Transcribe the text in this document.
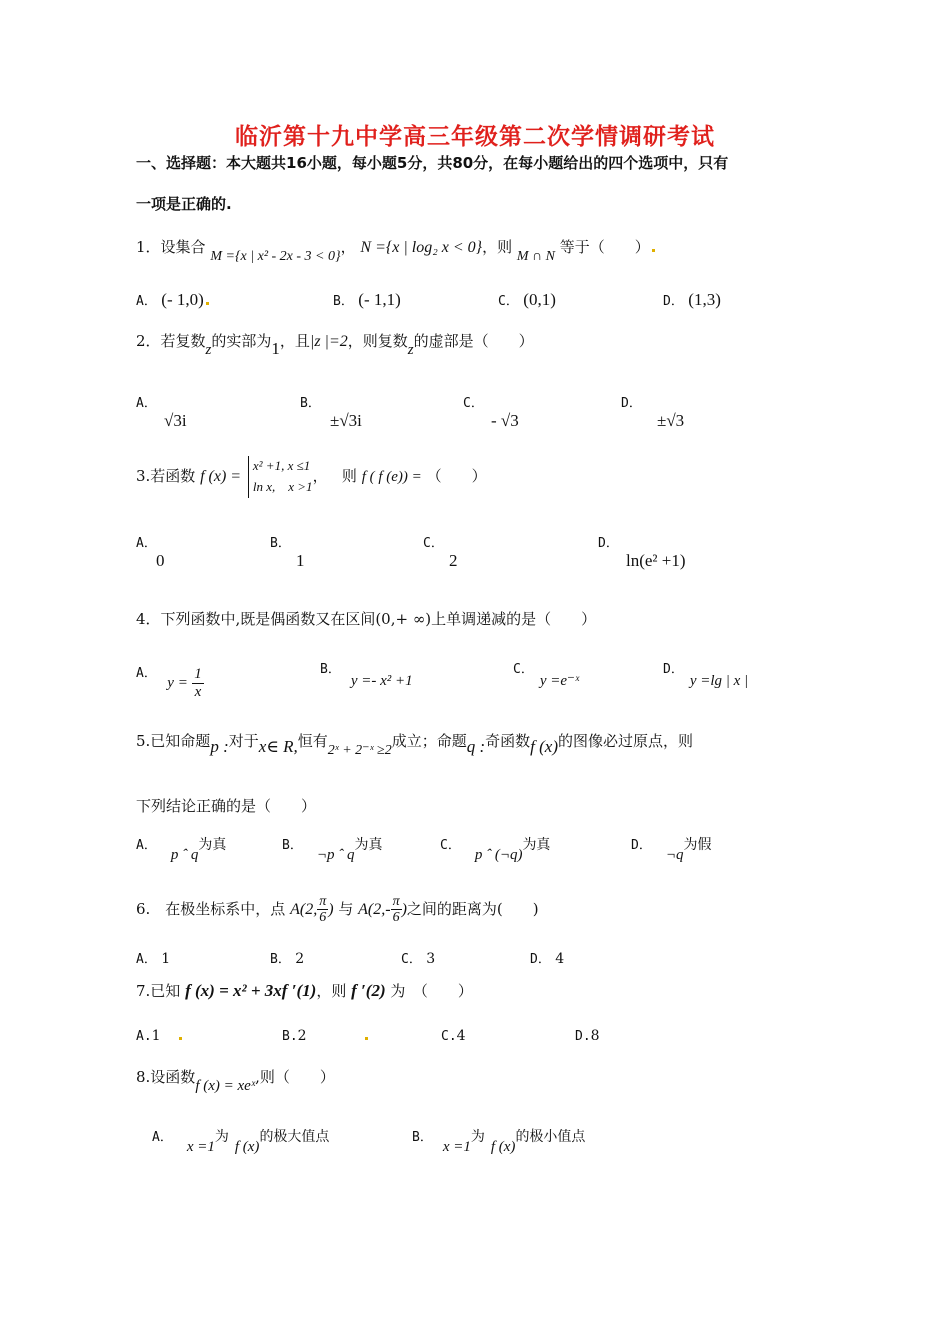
临沂第十九中学高三年级第二次学情调研考试
一、选择题：本大题共16小题，每小题5分，共80分，在每小题给出的四个选项中，只有
一项是正确的.
1．设集合 M ={x | x² - 2x - 3 < 0}， N ={x | log₂ x < 0}，则 M ∩ N 等于（　　）
A． (- 1,0)	B． (- 1,1)	C． (0,1)	D． (1,3)
2．若复数z的实部为1，且|z |=2，则复数z的虚部是（　　）
A．
√3i
B．
±√3i
C．
- √3
D．
±√3
3.若函数 f (x) = x² +1, x ≤1
ln x,　x >1， 则 f ( f (e)) = （　　）
A．
0
B．
1
C．
2
D．
ln(e² +1)
4．下列函数中,既是偶函数又在区间(0,+ ∞)上单调递减的是（　　）
A． $y = \frac{1}{x}$	B．y =- x² +1
C．y =e⁻ˣ
D．y =lg | x |
5.已知命题p :对于x∈ R,恒有2ˣ + 2⁻ˣ ≥2成立；命题q :奇函数f (x)的图像必过原点，则
下列结论正确的是（　　）
A．p ˆ q为真	B．¬p ˆ q为真	C．p ˆ (¬q)为真	D．¬q为假
6.　在极坐标系中，点 A(2, $\frac{\pi}{6}$ ) 与 $A(2,- \frac{\pi}{6}$ )之间的距离为(　　)
A． 1	B． 2	C． 3	D． 4
7.已知 f (x) = x² + 3xf ′(1)，则 f ′(2) 为　（　　）
A.1	B.2	C.4	D.8
8.设函数f (x) = xeˣ,则（　　）
A．x =1为f (x)的极大值点	B．x =1为f (x)的极小值点
